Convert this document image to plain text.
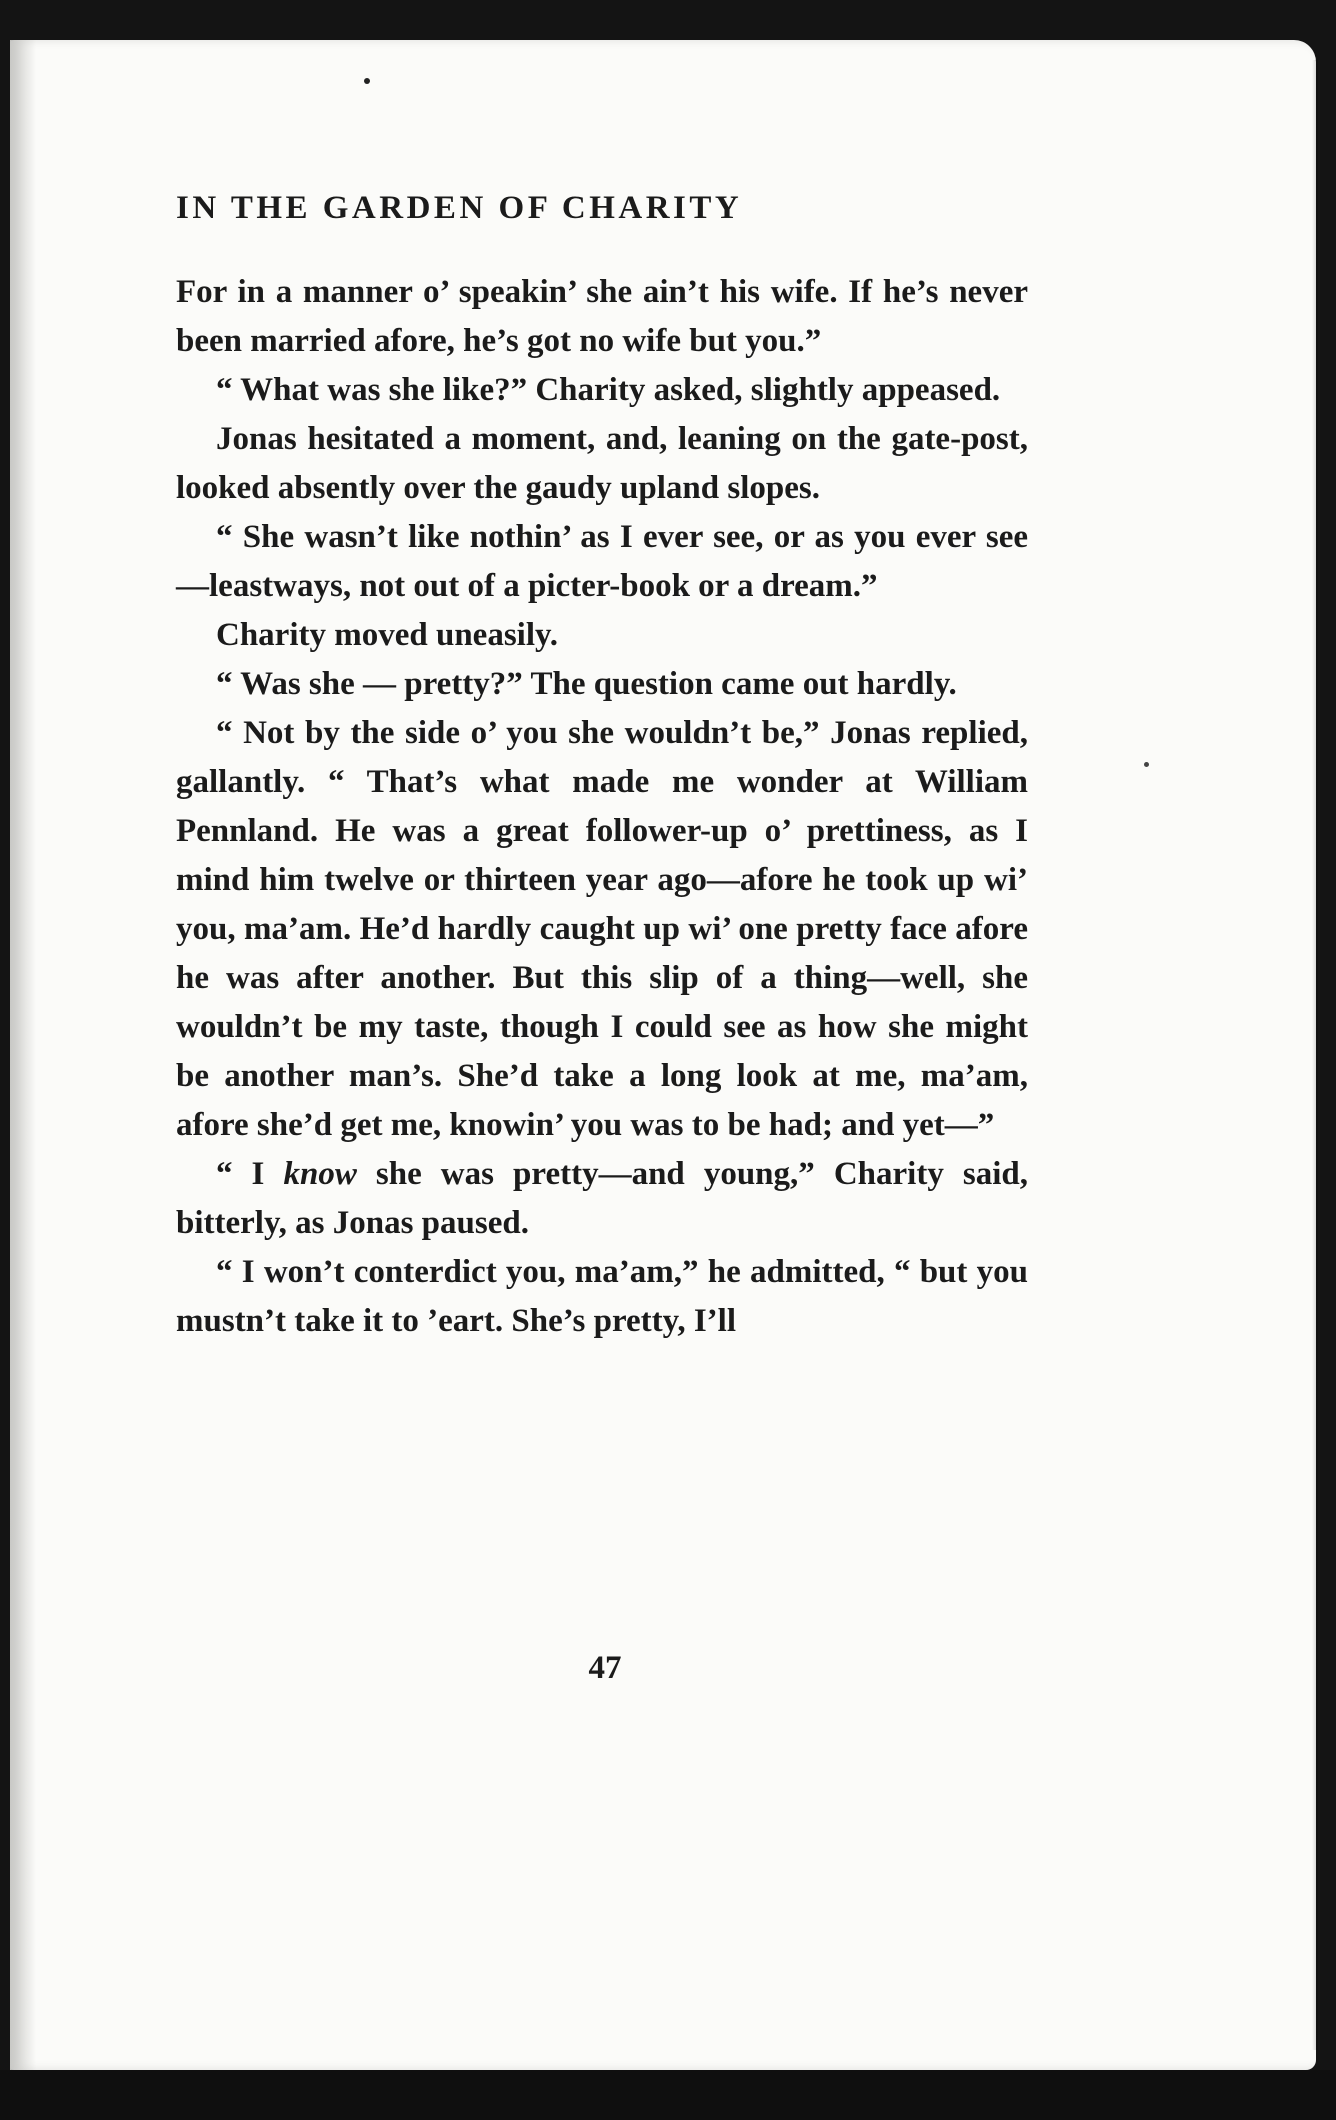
IN THE GARDEN OF CHARITY

For in a manner o’ speakin’ she ain’t his wife. If he’s never been married afore, he’s got no wife but you.”

“ What was she like?” Charity asked, slightly appeased.

Jonas hesitated a moment, and, leaning on the gate-post, looked absently over the gaudy upland slopes.

“ She wasn’t like nothin’ as I ever see, or as you ever see—leastways, not out of a picter-book or a dream.”

Charity moved uneasily.

“ Was she — pretty?” The question came out hardly.

“ Not by the side o’ you she wouldn’t be,” Jonas replied, gallantly. “ That’s what made me wonder at William Pennland. He was a great follower-up o’ prettiness, as I mind him twelve or thirteen year ago—afore he took up wi’ you, ma’am. He’d hardly caught up wi’ one pretty face afore he was after another. But this slip of a thing—well, she wouldn’t be my taste, though I could see as how she might be another man’s. She’d take a long look at me, ma’am, afore she’d get me, knowin’ you was to be had; and yet—”

“ I know she was pretty—and young,” Charity said, bitterly, as Jonas paused.

“ I won’t conterdict you, ma’am,” he admitted, “ but you mustn’t take it to ’eart. She’s pretty, I’ll

47
